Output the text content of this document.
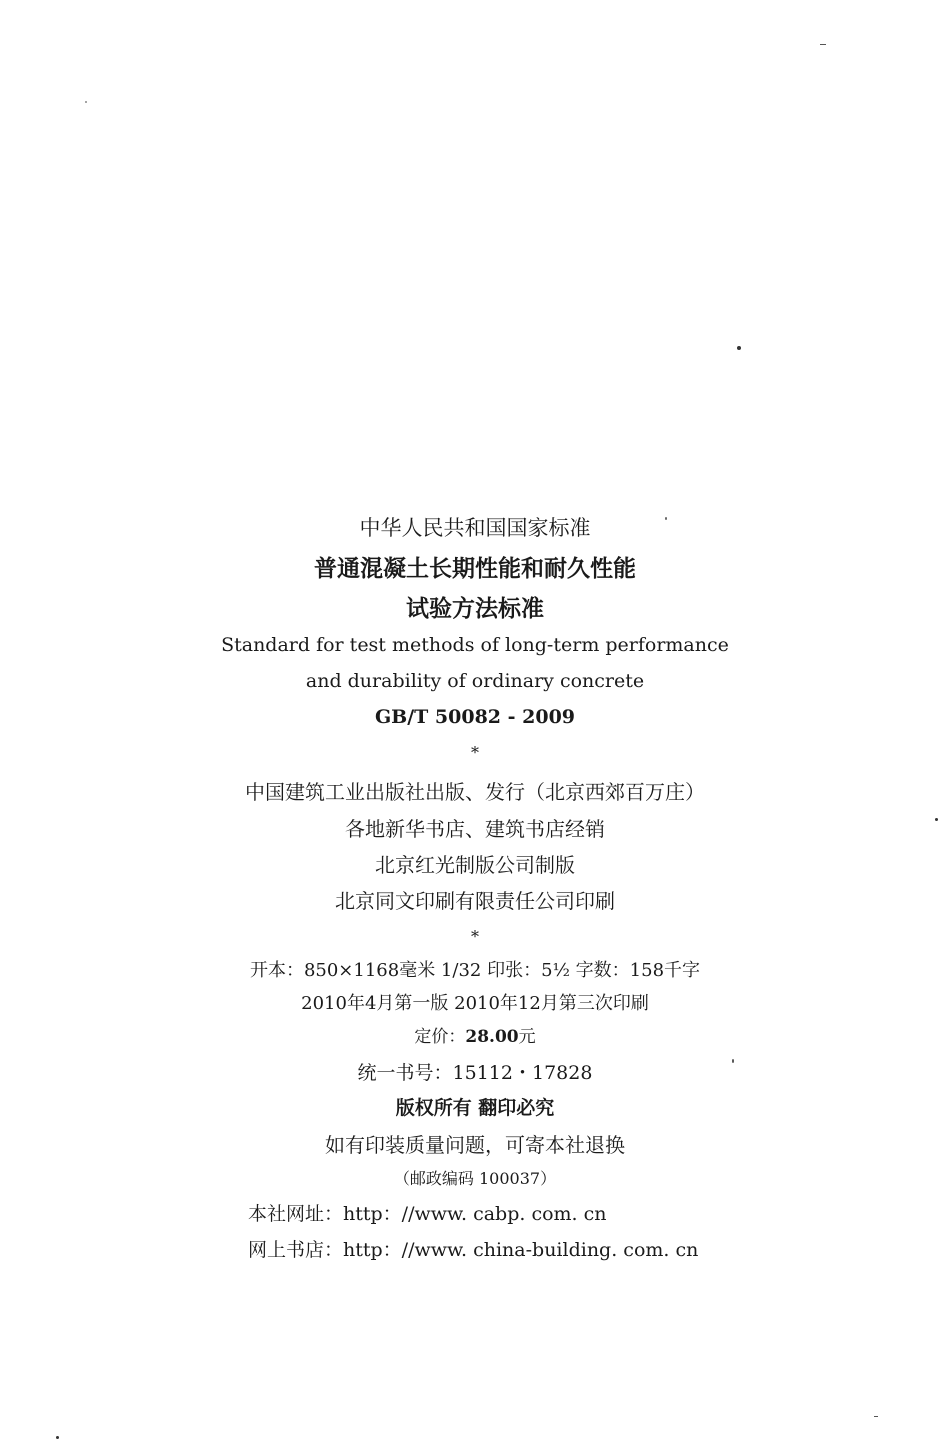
中华人民共和国国家标准
普通混凝土长期性能和耐久性能
试验方法标准
Standard for test methods of long-term performance
and durability of ordinary concrete
GB/T 50082 - 2009
*
中国建筑工业出版社出版、发行（北京西郊百万庄）
各地新华书店、建筑书店经销
北京红光制版公司制版
北京同文印刷有限责任公司印刷
*
开本：850×1168毫米 1/32 印张：5½ 字数：158千字
2010年4月第一版 2010年12月第三次印刷
定价：28.00元
统一书号：15112・17828
版权所有 翻印必究
如有印装质量问题，可寄本社退换
（邮政编码 100037）
本社网址：http：//www. cabp. com. cn
网上书店：http：//www. china-building. com. cn
